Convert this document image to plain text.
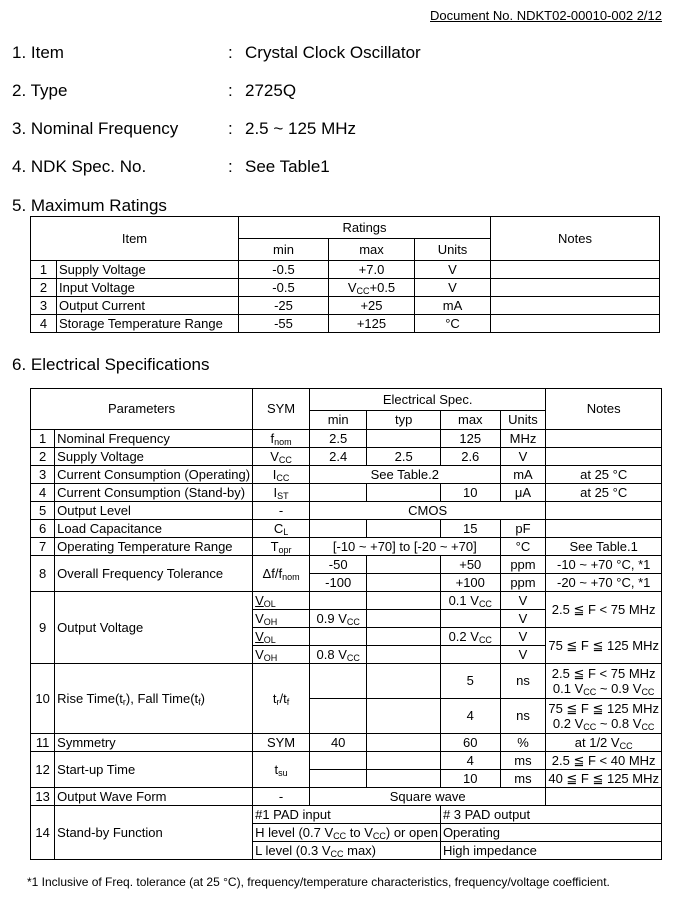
Document No. NDKT02-00010-002 2/12
1. Item	: Crystal Clock Oscillator
2. Type	: 2725Q
3. Nominal Frequency	: 2.5 ~ 125 MHz
4. NDK Spec. No.	: See Table1
5. Maximum Ratings
Item		Ratings			Notes
		min	max	Units	
1	Supply Voltage	-0.5	+7.0	V	
2	Input Voltage	-0.5	$V_{CC}+0.5$	V	
3	Output Current	-25	+25	mA	
4	Storage Temperature Range	-55	+125	°C	
6. Electrical Specifications
Parameters		SYM	Electrical Spec.				Notes
			min	typ	max	Units	
1	Nominal Frequency	$f_{nom}$	2.5		125	MHz	
2	Supply Voltage	$V_{CC}$	2.4	2.5	2.6	V	
3	Current Consumption (Operating)	$I_{CC}$	See Table.2			mA	at 25 °C
4	Current Consumption (Stand-by)	$I_{ST}$			10	μA	at 25 °C
5	Output Level	-	CMOS				
6	Load Capacitance	$C_L$			15	pF	
7	Operating Temperature Range	$T_{opr}$	[-10 ~ +70] to [-20 ~ +70]			°C	See Table.1
8	Overall Frequency Tolerance	$\Delta f/f_{nom}$	-50		+50	ppm	-10 ~ +70 °C, *1
			-100		+100	ppm	-20 ~ +70 °C, *1
9	Output Voltage	$V_{OL}$			0.1 $V_{CC}$	V	2.5 ≦ F < 75 MHz
		$V_{OH}$	0.9 $V_{CC}$			V	
		$V_{OL}$			0.2 $V_{CC}$	V	75 ≦ F ≦ 125 MHz
		$V_{OH}$	0.8 $V_{CC}$			V	
10	Rise $Time(t_r)$, Fall $Time(t_f)$	$t_r/t_f$			5	ns	2.5 ≦ F < 75 MHz
0.1 $V_{CC}$ ~ 0.9 $V_{CC}$

					4	ns	75 ≦ F ≦ 125 MHz
0.2 $V_{CC}$ ~ 0.8 $V_{CC}$

11	Symmetry	SYM	40		60	%	at 1/2 $V_{CC}$
12	Start-up Time	$t_{su}$			4	ms	2.5 ≦ F < 40 MHz
					10	ms	40 ≦ F ≦ 125 MHz
13	Output Wave Form	-	Square wave				
14	Stand-by Function	#1 PAD input			# 3 PAD output		
		H level (0.7 $V_{CC}$ to $V_{CC}$) or open			Operating		
		L level (0.3 $V_{CC}$ max)			High impedance		
*1 Inclusive of Freq. tolerance (at 25 °C), frequency/temperature characteristics, frequency/voltage coefficient.
